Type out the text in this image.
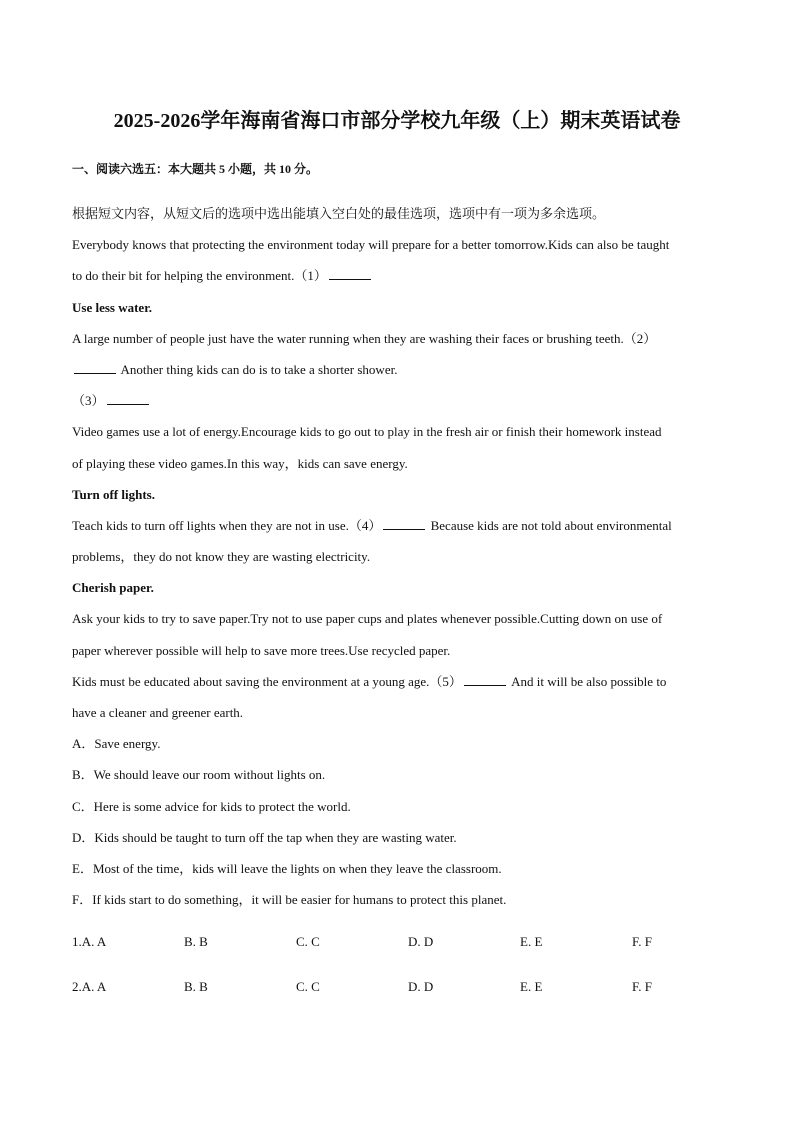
2025-2026学年海南省海口市部分学校九年级（上）期末英语试卷
一、阅读六选五：本大题共 5 小题，共 10 分。
根据短文内容，从短文后的选项中选出能填入空白处的最佳选项，选项中有一项为多余选项。
Everybody knows that protecting the environment today will prepare for a better tomorrow.Kids can also be taught
to do their bit for helping the environment.（1）
Use less water.
A large number of people just have the water running when they are washing their faces or brushing teeth.（2）
Another thing kids can do is to take a shorter shower.
（3）
Video games use a lot of energy.Encourage kids to go out to play in the fresh air or finish their homework instead
of playing these video games.In this way，kids can save energy.
Turn off lights.
Teach kids to turn off lights when they are not in use.（4）	Because kids are not told about environmental
problems，they do not know they are wasting electricity.
Cherish paper.
Ask your kids to try to save paper.Try not to use paper cups and plates whenever possible.Cutting down on use of
paper wherever possible will help to save more trees.Use recycled paper.
Kids must be educated about saving the environment at a young age.（5）	And it will be also possible to
have a cleaner and greener earth.
A．Save energy.
B．We should leave our room without lights on.
C．Here is some advice for kids to protect the world.
D．Kids should be taught to turn off the tap when they are wasting water.
E．Most of the time，kids will leave the lights on when they leave the classroom.
F．If kids start to do something，it will be easier for humans to protect this planet.
1.A. A	B. B	C. C	D. D	E. E	F. F
2.A. A	B. B	C. C	D. D	E. E	F. F
